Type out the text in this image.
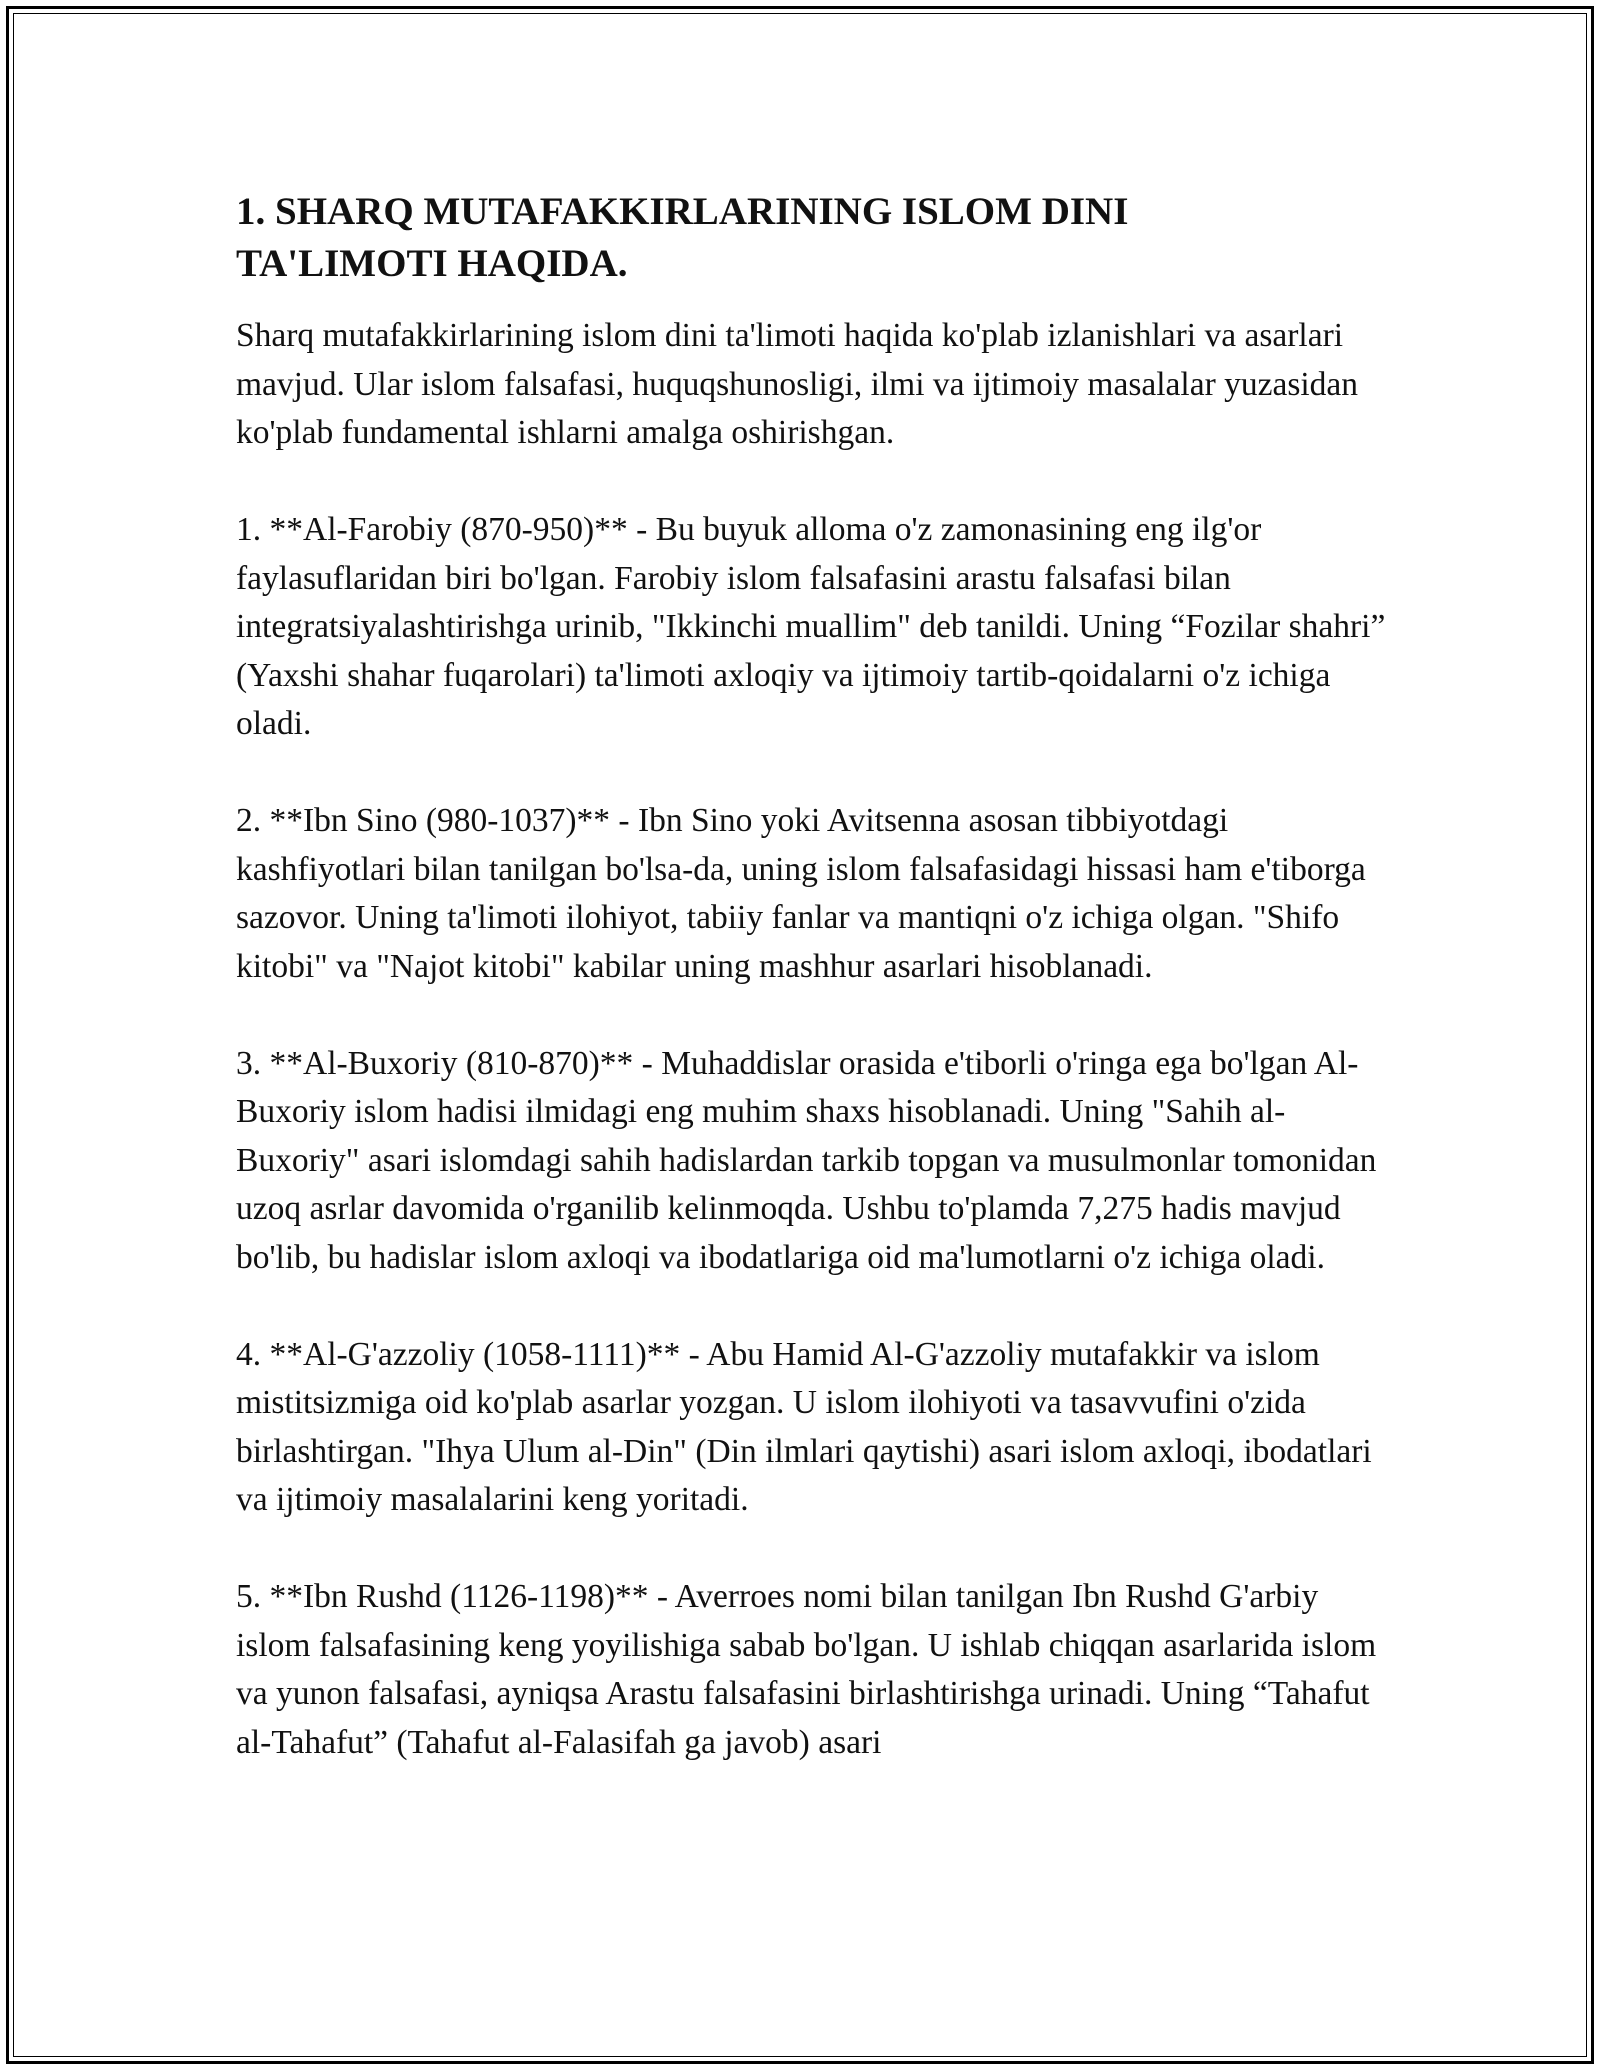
1. SHARQ MUTAFAKKIRLARINING ISLOM DINI
TA'LIMOTI HAQIDA.

Sharq mutafakkirlarining islom dini ta'limoti haqida ko'plab izlanishlari va asarlari mavjud. Ular islom falsafasi, huquqshunosligi, ilmi va ijtimoiy masalalar yuzasidan ko'plab fundamental ishlarni amalga oshirishgan.

1. **Al-Farobiy (870-950)** - Bu buyuk alloma o'z zamonasining eng ilg'or faylasuflaridan biri bo'lgan. Farobiy islom falsafasini arastu falsafasi bilan integratsiyalashtirishga urinib, "Ikkinchi muallim" deb tanildi. Uning “Fozilar shahri” (Yaxshi shahar fuqarolari) ta'limoti axloqiy va ijtimoiy tartib-qoidalarni o'z ichiga oladi.

2. **Ibn Sino (980-1037)** - Ibn Sino yoki Avitsenna asosan tibbiyotdagi kashfiyotlari bilan tanilgan bo'lsa-da, uning islom falsafasidagi hissasi ham e'tiborga sazovor. Uning ta'limoti ilohiyot, tabiiy fanlar va mantiqni o'z ichiga olgan. "Shifo kitobi" va "Najot kitobi" kabilar uning mashhur asarlari hisoblanadi.

3. **Al-Buxoriy (810-870)** - Muhaddislar orasida e'tiborli o'ringa ega bo'lgan Al-Buxoriy islom hadisi ilmidagi eng muhim shaxs hisoblanadi. Uning "Sahih al-Buxoriy" asari islomdagi sahih hadislardan tarkib topgan va musulmonlar tomonidan uzoq asrlar davomida o'rganilib kelinmoqda. Ushbu to'plamda 7,275 hadis mavjud bo'lib, bu hadislar islom axloqi va ibodatlariga oid ma'lumotlarni o'z ichiga oladi.

4. **Al-G'azzoliy (1058-1111)** - Abu Hamid Al-G'azzoliy mutafakkir va islom mistitsizmiga oid ko'plab asarlar yozgan. U islom ilohiyoti va tasavvufini o'zida birlashtirgan. "Ihya Ulum al-Din" (Din ilmlari qaytishi) asari islom axloqi, ibodatlari va ijtimoiy masalalarini keng yoritadi.

5. **Ibn Rushd (1126-1198)** - Averroes nomi bilan tanilgan Ibn Rushd G'arbiy islom falsafasining keng yoyilishiga sabab bo'lgan. U ishlab chiqqan asarlarida islom va yunon falsafasi, ayniqsa Arastu falsafasini birlashtirishga urinadi. Uning “Tahafut al-Tahafut” (Tahafut al-Falasifah ga javob) asari
